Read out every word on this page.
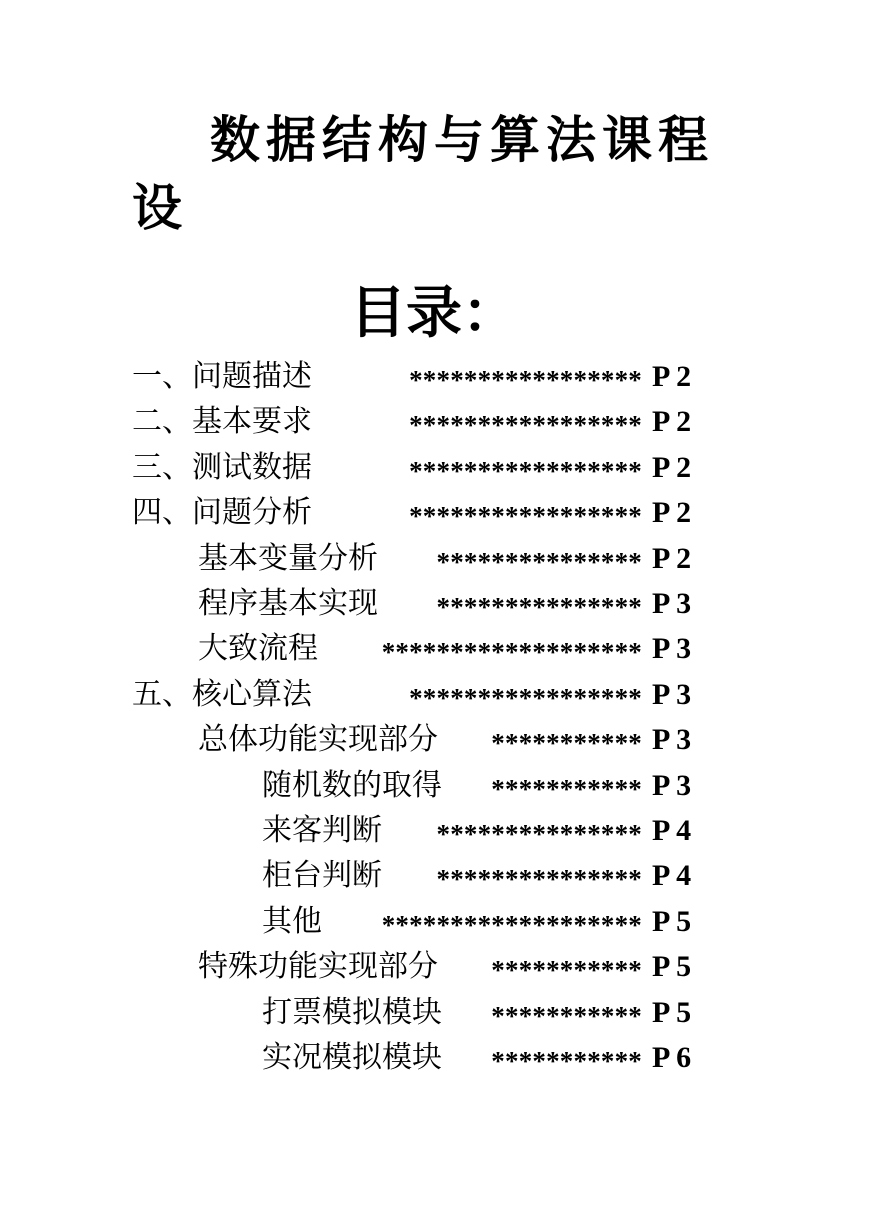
数据结构与算法课程
设
目录：
一、问题描述	***************** P 2
二、基本要求	***************** P 2
三、测试数据	***************** P 2
四、问题分析	***************** P 2
基本变量分析 *************** P 2
程序基本实现 *************** P 3
大致流程 ******************* P 3
五、核心算法	***************** P 3
总体功能实现部分 *********** P 3
随机数的取得 *********** P 3
来客判断 *************** P 4
柜台判断 *************** P 4
其他 ******************* P 5
特殊功能实现部分 *********** P 5
打票模拟模块 *********** P 5
实况模拟模块 *********** P 6
